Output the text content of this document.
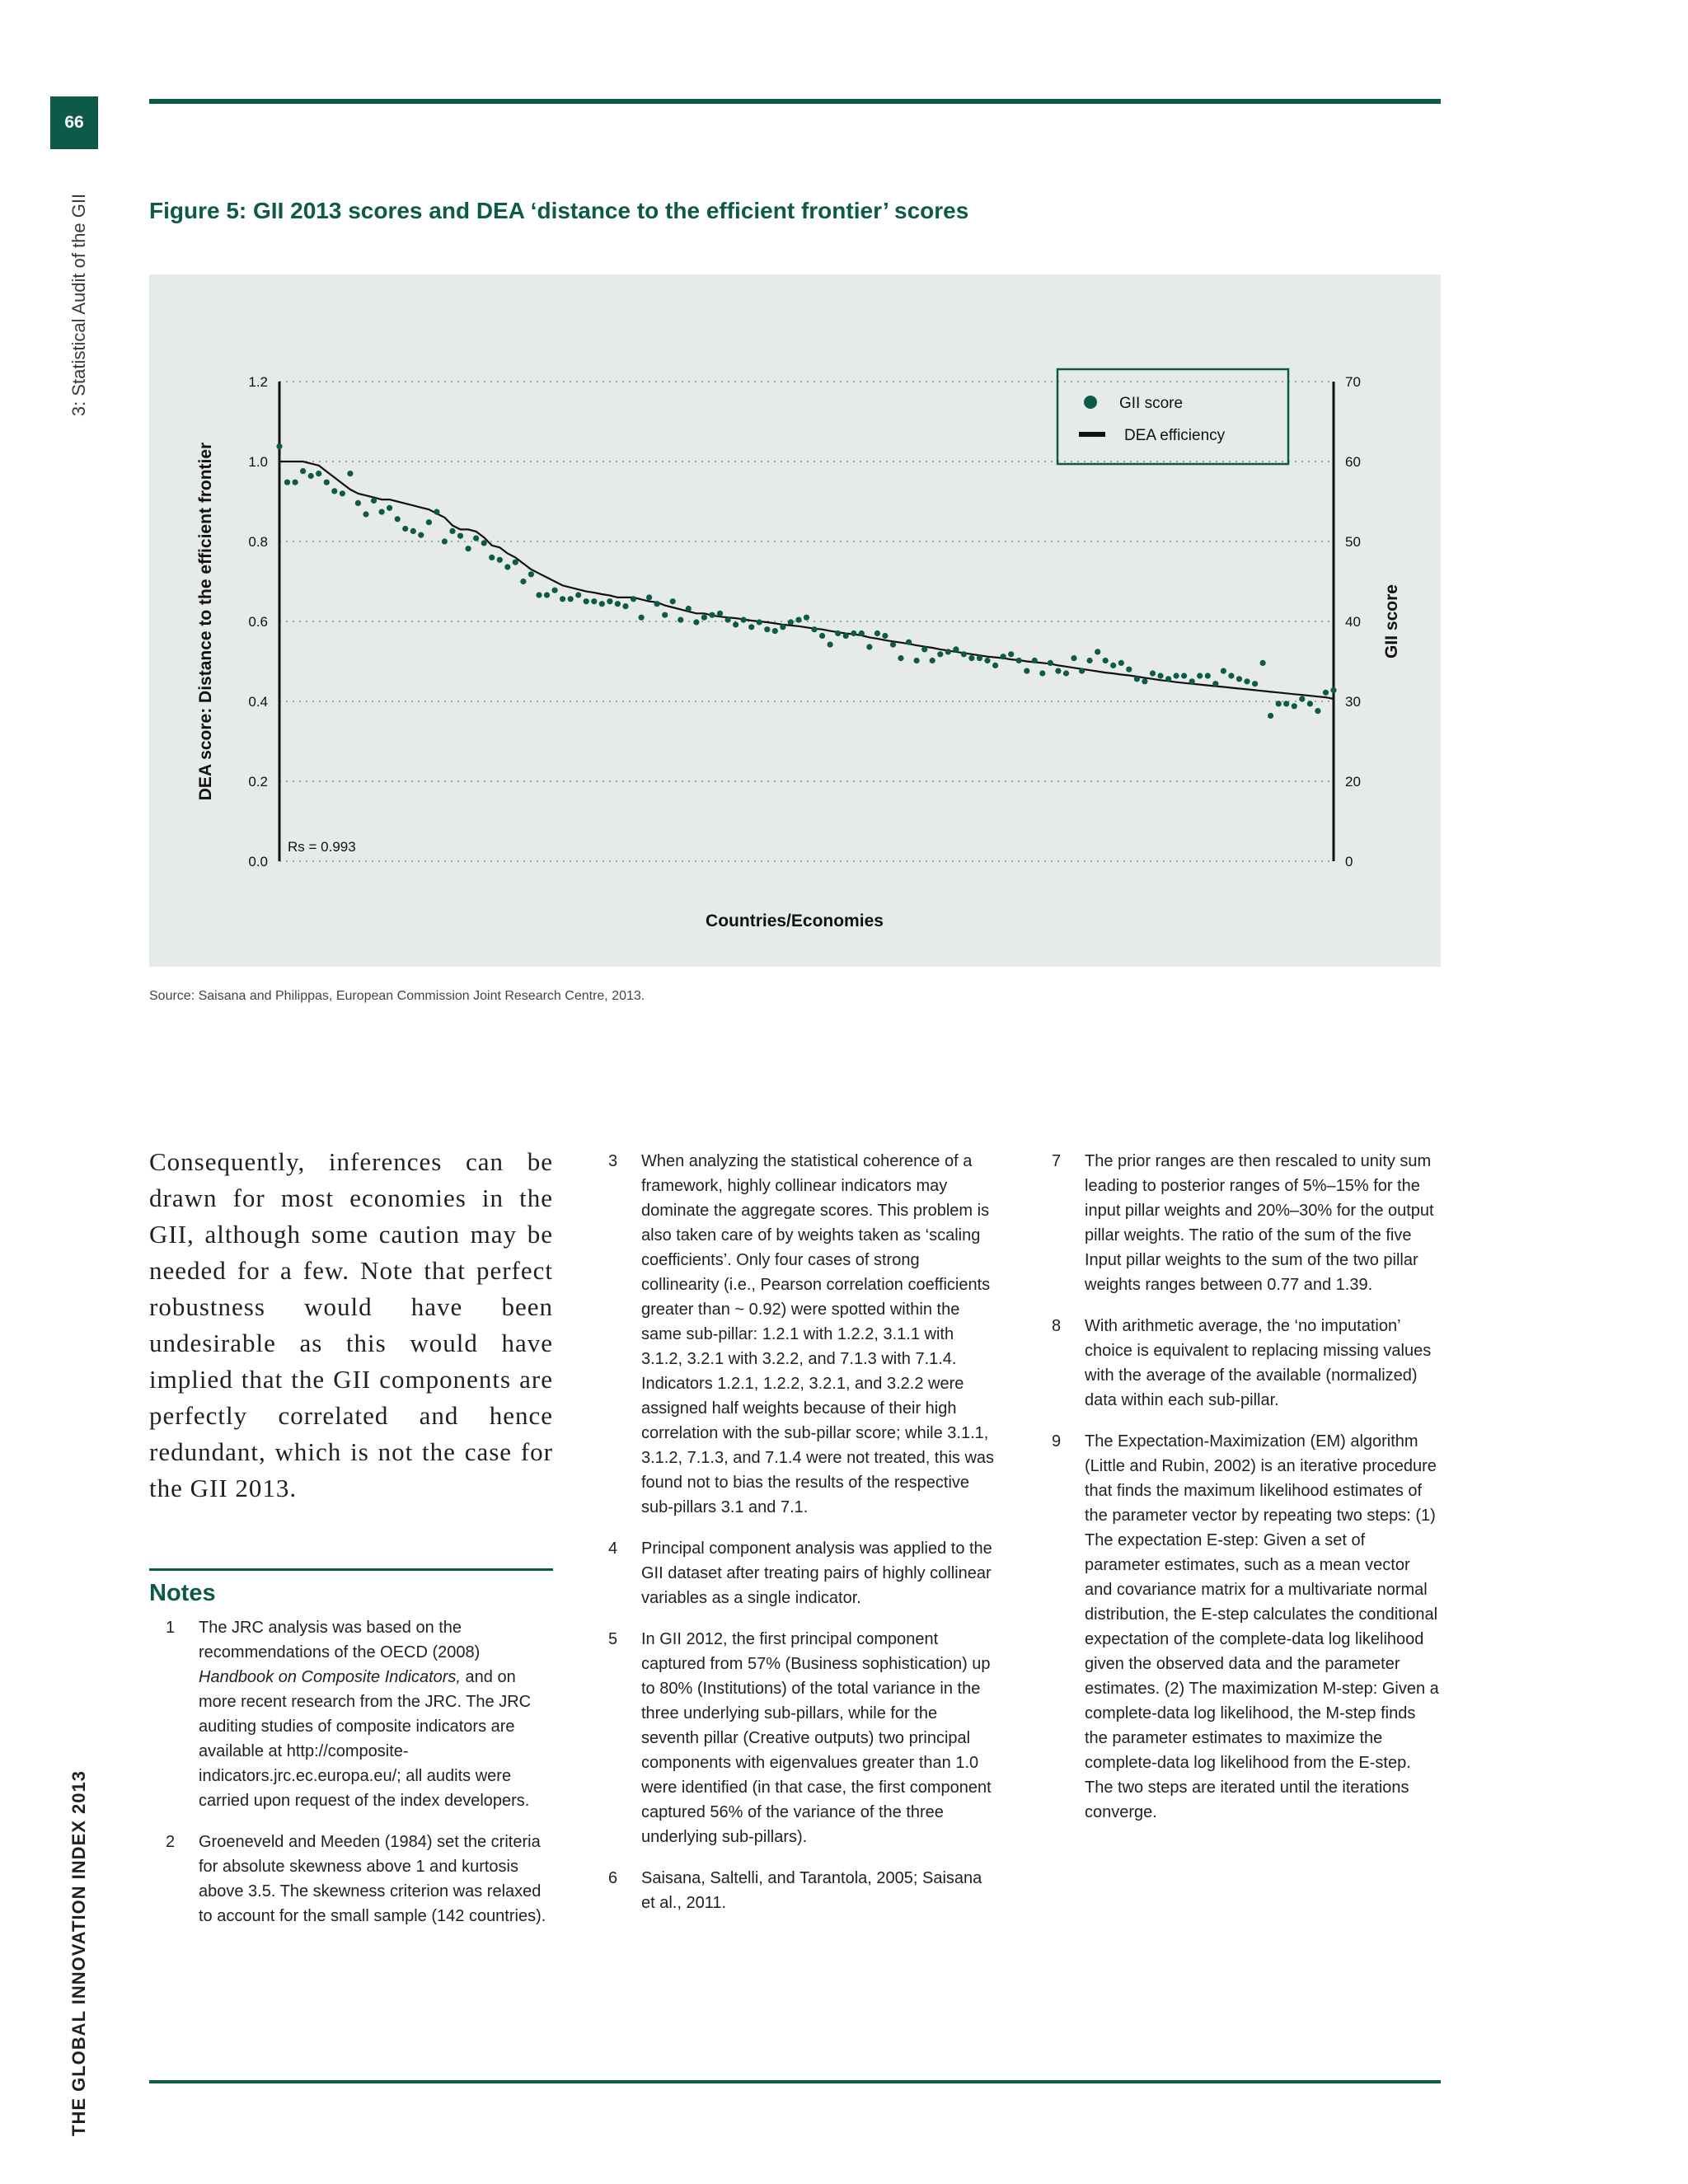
66
3: Statistical Audit of the GII
THE GLOBAL INNOVATION INDEX 2013
Figure 5: GII 2013 scores and DEA ‘distance to the efficient frontier’ scores
0.0
0.2
0.4
0.6
0.8
1.0
1.2
0
20
30
40
50
60
70
DEA score: Distance to the efficient frontier	GII score
Countries/Economies
Rs = 0.993
GII score
DEA efficiency
Source: Saisana and Philippas, European Commission Joint Research Centre, 2013.
Consequently, inferences can be drawn for most economies in the GII, although some caution may be needed for a few. Note that perfect robustness would have been undesirable as this would have implied that the GII components are perfectly correlated and hence redundant, which is not the case for the GII 2013.
Notes
1	The JRC analysis was based on the recommendations of the OECD (2008) Handbook on Composite Indicators, and on more recent research from the JRC. The JRC auditing studies of composite indicators are available at http://composite-indicators.jrc.ec.europa.eu/; all audits were carried upon request of the index developers.
2	Groeneveld and Meeden (1984) set the criteria for absolute skewness above 1 and kurtosis above 3.5. The skewness criterion was relaxed to account for the small sample (142 countries).
3	When analyzing the statistical coherence of a framework, highly collinear indicators may dominate the aggregate scores. This problem is also taken care of by weights taken as ‘scaling coefficients’. Only four cases of strong collinearity (i.e., Pearson correlation coefficients greater than ~ 0.92) were spotted within the same sub-pillar: 1.2.1 with 1.2.2, 3.1.1 with 3.1.2, 3.2.1 with 3.2.2, and 7.1.3 with 7.1.4. Indicators 1.2.1, 1.2.2, 3.2.1, and 3.2.2 were assigned half weights because of their high correlation with the sub-pillar score; while 3.1.1, 3.1.2, 7.1.3, and 7.1.4 were not treated, this was found not to bias the results of the respective sub-pillars 3.1 and 7.1.
4	Principal component analysis was applied to the GII dataset after treating pairs of highly collinear variables as a single indicator.
5	In GII 2012, the first principal component captured from 57% (Business sophistication) up to 80% (Institutions) of the total variance in the three underlying sub-pillars, while for the seventh pillar (Creative outputs) two principal components with eigenvalues greater than 1.0 were identified (in that case, the first component captured 56% of the variance of the three underlying sub-pillars).
6	Saisana, Saltelli, and Tarantola, 2005; Saisana et al., 2011.
7	The prior ranges are then rescaled to unity sum leading to posterior ranges of 5%–15% for the input pillar weights and 20%–30% for the output pillar weights. The ratio of the sum of the five Input pillar weights to the sum of the two pillar weights ranges between 0.77 and 1.39.
8	With arithmetic average, the ‘no imputation’ choice is equivalent to replacing missing values with the average of the available (normalized) data within each sub-pillar.
9	The Expectation-Maximization (EM) algorithm (Little and Rubin, 2002) is an iterative procedure that finds the maximum likelihood estimates of the parameter vector by repeating two steps: (1) The expectation E-step: Given a set of parameter estimates, such as a mean vector and covariance matrix for a multivariate normal distribution, the E-step calculates the conditional expectation of the complete-data log likelihood given the observed data and the parameter estimates. (2) The maximization M-step: Given a complete-data log likelihood, the M-step finds the parameter estimates to maximize the complete-data log likelihood from the E-step. The two steps are iterated until the iterations converge.
